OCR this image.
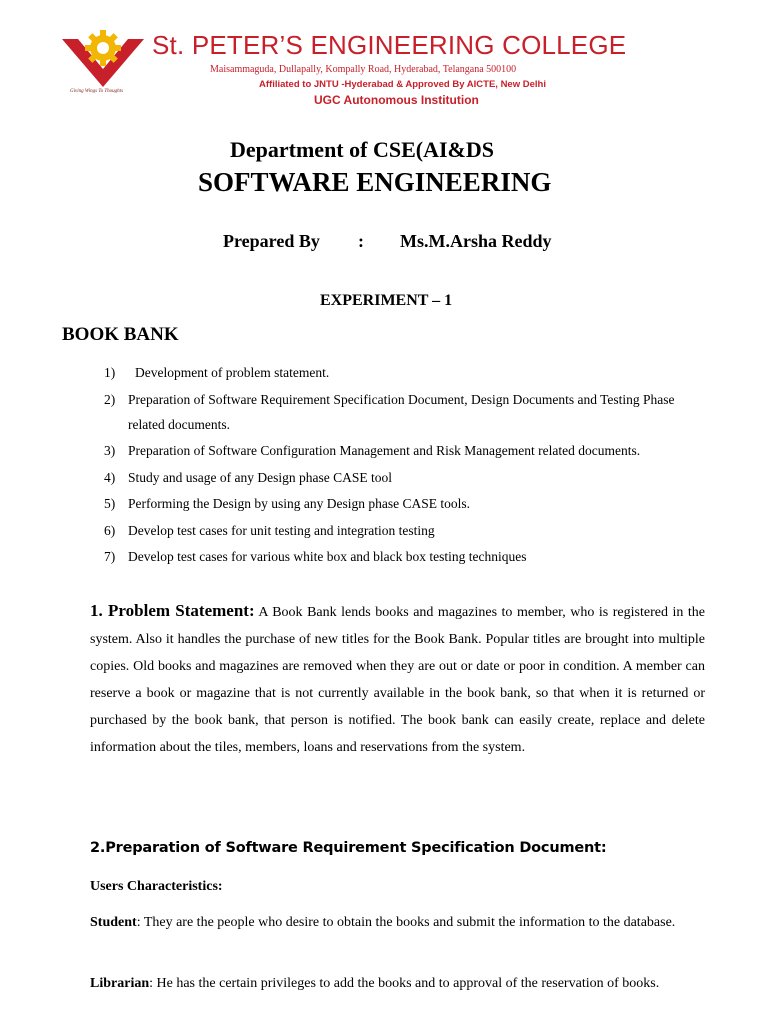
Giving Wings To Thoughts
St. PETER’S ENGINEERING COLLEGE
Maisammaguda, Dullapally, Kompally Road, Hyderabad, Telangana 500100
Affiliated to JNTU -Hyderabad & Approved By AICTE, New Delhi
UGC Autonomous Institution
Department of CSE(AI&DS
SOFTWARE ENGINEERING
Prepared By : Ms.M.Arsha Reddy
EXPERIMENT – 1
BOOK BANK
1)	Development of problem statement.
2) Preparation of Software Requirement Specification Document, Design Documents and Testing Phase related documents.
3) Preparation of Software Configuration Management and Risk Management related documents.
4) Study and usage of any Design phase CASE tool
5) Performing the Design by using any Design phase CASE tools.
6) Develop test cases for unit testing and integration testing
7) Develop test cases for various white box and black box testing techniques
1. Problem Statement: A Book Bank lends books and magazines to member, who is registered in the system. Also it handles the purchase of new titles for the Book Bank. Popular titles are brought into multiple copies. Old books and magazines are removed when they are out or date or poor in condition. A member can reserve a book or magazine that is not currently available in the book bank, so that when it is returned or purchased by the book bank, that person is notified. The book bank can easily create, replace and delete information about the tiles, members, loans and reservations from the system.
2.Preparation of Software Requirement Specification Document:
Users Characteristics:
Student: They are the people who desire to obtain the books and submit the information to the database.
Librarian: He has the certain privileges to add the books and to approval of the reservation of books.
